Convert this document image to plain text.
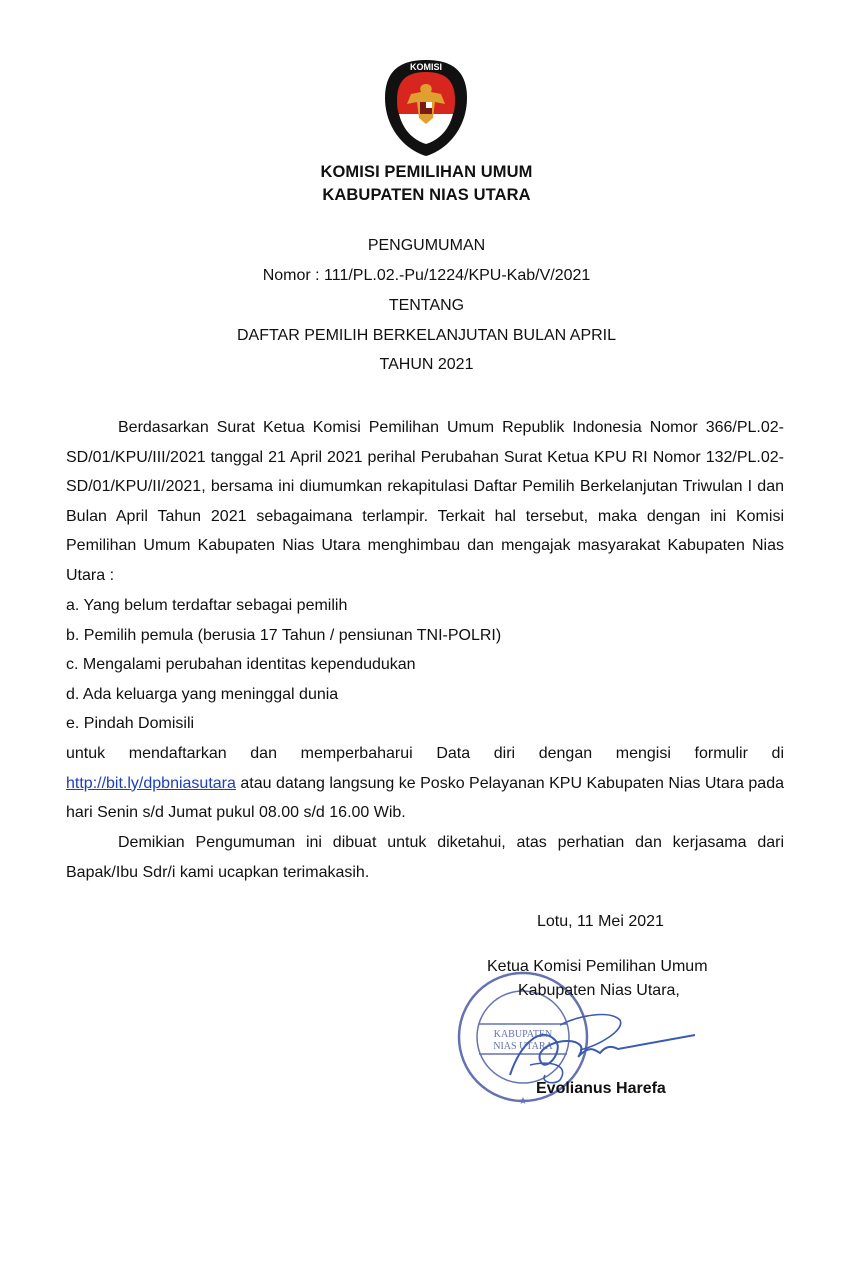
KOMISI
KOMISI PEMILIHAN UMUM
KABUPATEN NIAS UTARA
PENGUMUMAN
Nomor : 111/PL.02.-Pu/1224/KPU-Kab/V/2021
TENTANG
DAFTAR PEMILIH BERKELANJUTAN BULAN APRIL
TAHUN 2021
Berdasarkan Surat Ketua Komisi Pemilihan Umum Republik Indonesia Nomor 366/PL.02-SD/01/KPU/III/2021 tanggal 21 April 2021 perihal Perubahan Surat Ketua KPU RI Nomor 132/PL.02-SD/01/KPU/II/2021, bersama ini diumumkan rekapitulasi Daftar Pemilih Berkelanjutan Triwulan I dan Bulan April Tahun 2021 sebagaimana terlampir. Terkait hal tersebut, maka dengan ini Komisi Pemilihan Umum Kabupaten Nias Utara menghimbau dan mengajak masyarakat Kabupaten Nias Utara :
a. Yang belum terdaftar sebagai pemilih
b. Pemilih pemula (berusia 17 Tahun / pensiunan TNI-POLRI)
c. Mengalami perubahan identitas kependudukan
d. Ada keluarga yang meninggal dunia
e. Pindah Domisili
untuk mendaftarkan dan memperbaharui Data diri dengan mengisi formulir di http://bit.ly/dpbniasutara atau datang langsung ke Posko Pelayanan KPU Kabupaten Nias Utara pada hari Senin s/d Jumat pukul 08.00 s/d 16.00 Wib.
Demikian Pengumuman ini dibuat untuk diketahui, atas perhatian dan kerjasama dari Bapak/Ibu Sdr/i kami ucapkan terimakasih.
Lotu, 11 Mei 2021
KABUPATEN
NIAS UTARA
★
Ketua Komisi Pemilihan Umum
Kabupaten Nias Utara,
Evolianus Harefa
